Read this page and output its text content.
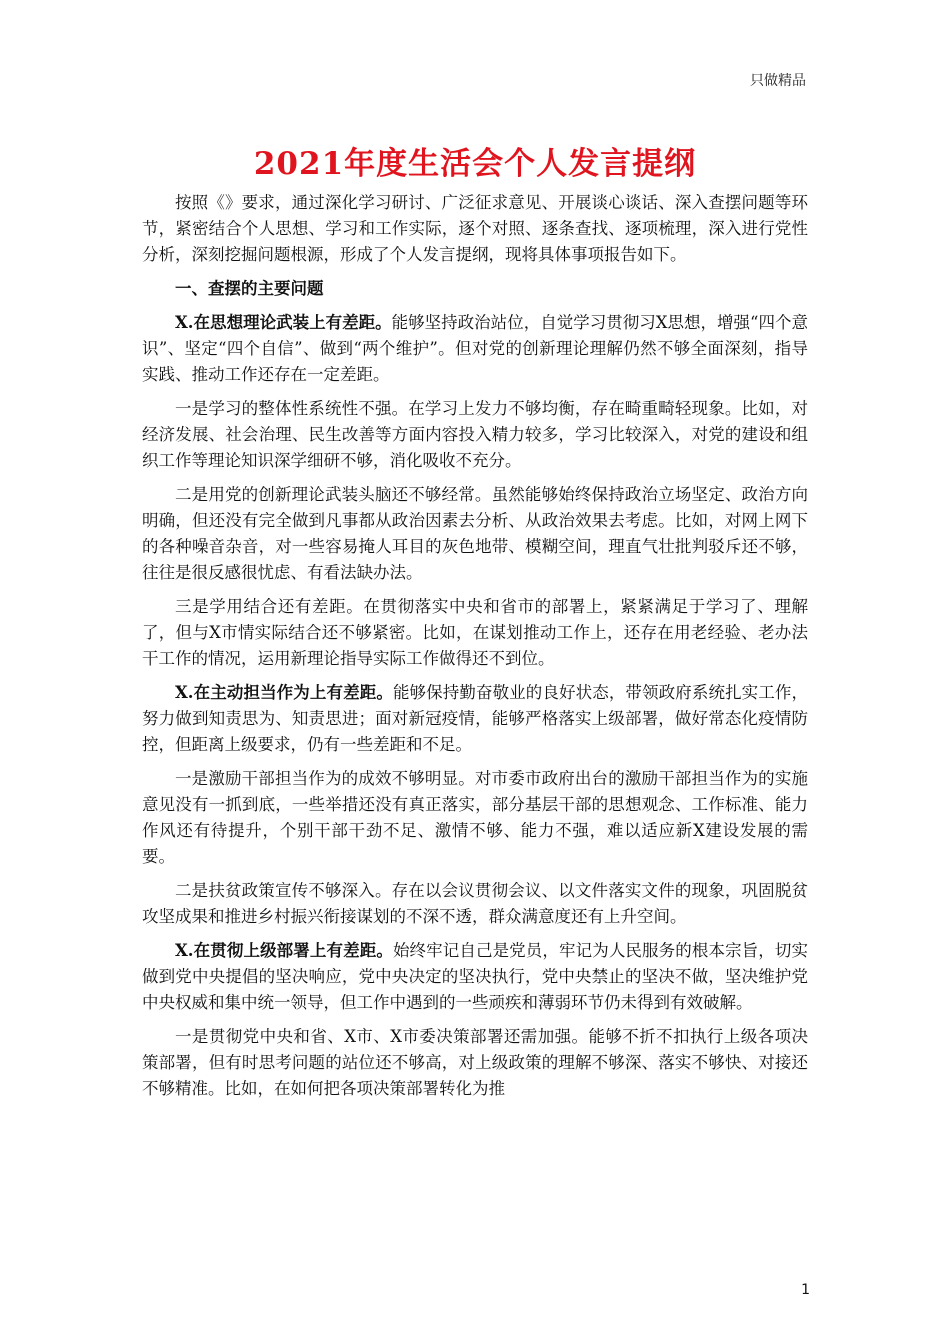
只做精品
2021年度生活会个人发言提纲

按照《》要求，通过深化学习研讨、广泛征求意见、开展谈心谈话、深入查摆问题等环节，紧密结合个人思想、学习和工作实际，逐个对照、逐条查找、逐项梳理，深入进行党性分析，深刻挖掘问题根源，形成了个人发言提纲，现将具体事项报告如下。

一、查摆的主要问题

X.在思想理论武装上有差距。能够坚持政治站位，自觉学习贯彻习X思想，增强“四个意识”、坚定“四个自信”、做到“两个维护”。但对党的创新理论理解仍然不够全面深刻，指导实践、推动工作还存在一定差距。

一是学习的整体性系统性不强。在学习上发力不够均衡，存在畸重畸轻现象。比如，对经济发展、社会治理、民生改善等方面内容投入精力较多，学习比较深入，对党的建设和组织工作等理论知识深学细研不够，消化吸收不充分。

二是用党的创新理论武装头脑还不够经常。虽然能够始终保持政治立场坚定、政治方向明确，但还没有完全做到凡事都从政治因素去分析、从政治效果去考虑。比如，对网上网下的各种噪音杂音，对一些容易掩人耳目的灰色地带、模糊空间，理直气壮批判驳斥还不够，往往是很反感很忧虑、有看法缺办法。

三是学用结合还有差距。在贯彻落实中央和省市的部署上，紧紧满足于学习了、理解了，但与X市情实际结合还不够紧密。比如，在谋划推动工作上，还存在用老经验、老办法干工作的情况，运用新理论指导实际工作做得还不到位。

X.在主动担当作为上有差距。能够保持勤奋敬业的良好状态，带领政府系统扎实工作，努力做到知责思为、知责思进；面对新冠疫情，能够严格落实上级部署，做好常态化疫情防控，但距离上级要求，仍有一些差距和不足。

一是激励干部担当作为的成效不够明显。对市委市政府出台的激励干部担当作为的实施意见没有一抓到底，一些举措还没有真正落实，部分基层干部的思想观念、工作标准、能力作风还有待提升，个别干部干劲不足、激情不够、能力不强，难以适应新X建设发展的需要。

二是扶贫政策宣传不够深入。存在以会议贯彻会议、以文件落实文件的现象，巩固脱贫攻坚成果和推进乡村振兴衔接谋划的不深不透，群众满意度还有上升空间。

X.在贯彻上级部署上有差距。始终牢记自己是党员，牢记为人民服务的根本宗旨，切实做到党中央提倡的坚决响应，党中央决定的坚决执行，党中央禁止的坚决不做，坚决维护党中央权威和集中统一领导，但工作中遇到的一些顽疾和薄弱环节仍未得到有效破解。

一是贯彻党中央和省、X市、X市委决策部署还需加强。能够不折不扣执行上级各项决策部署，但有时思考问题的站位还不够高，对上级政策的理解不够深、落实不够快、对接还不够精准。比如，在如何把各项决策部署转化为推

1
